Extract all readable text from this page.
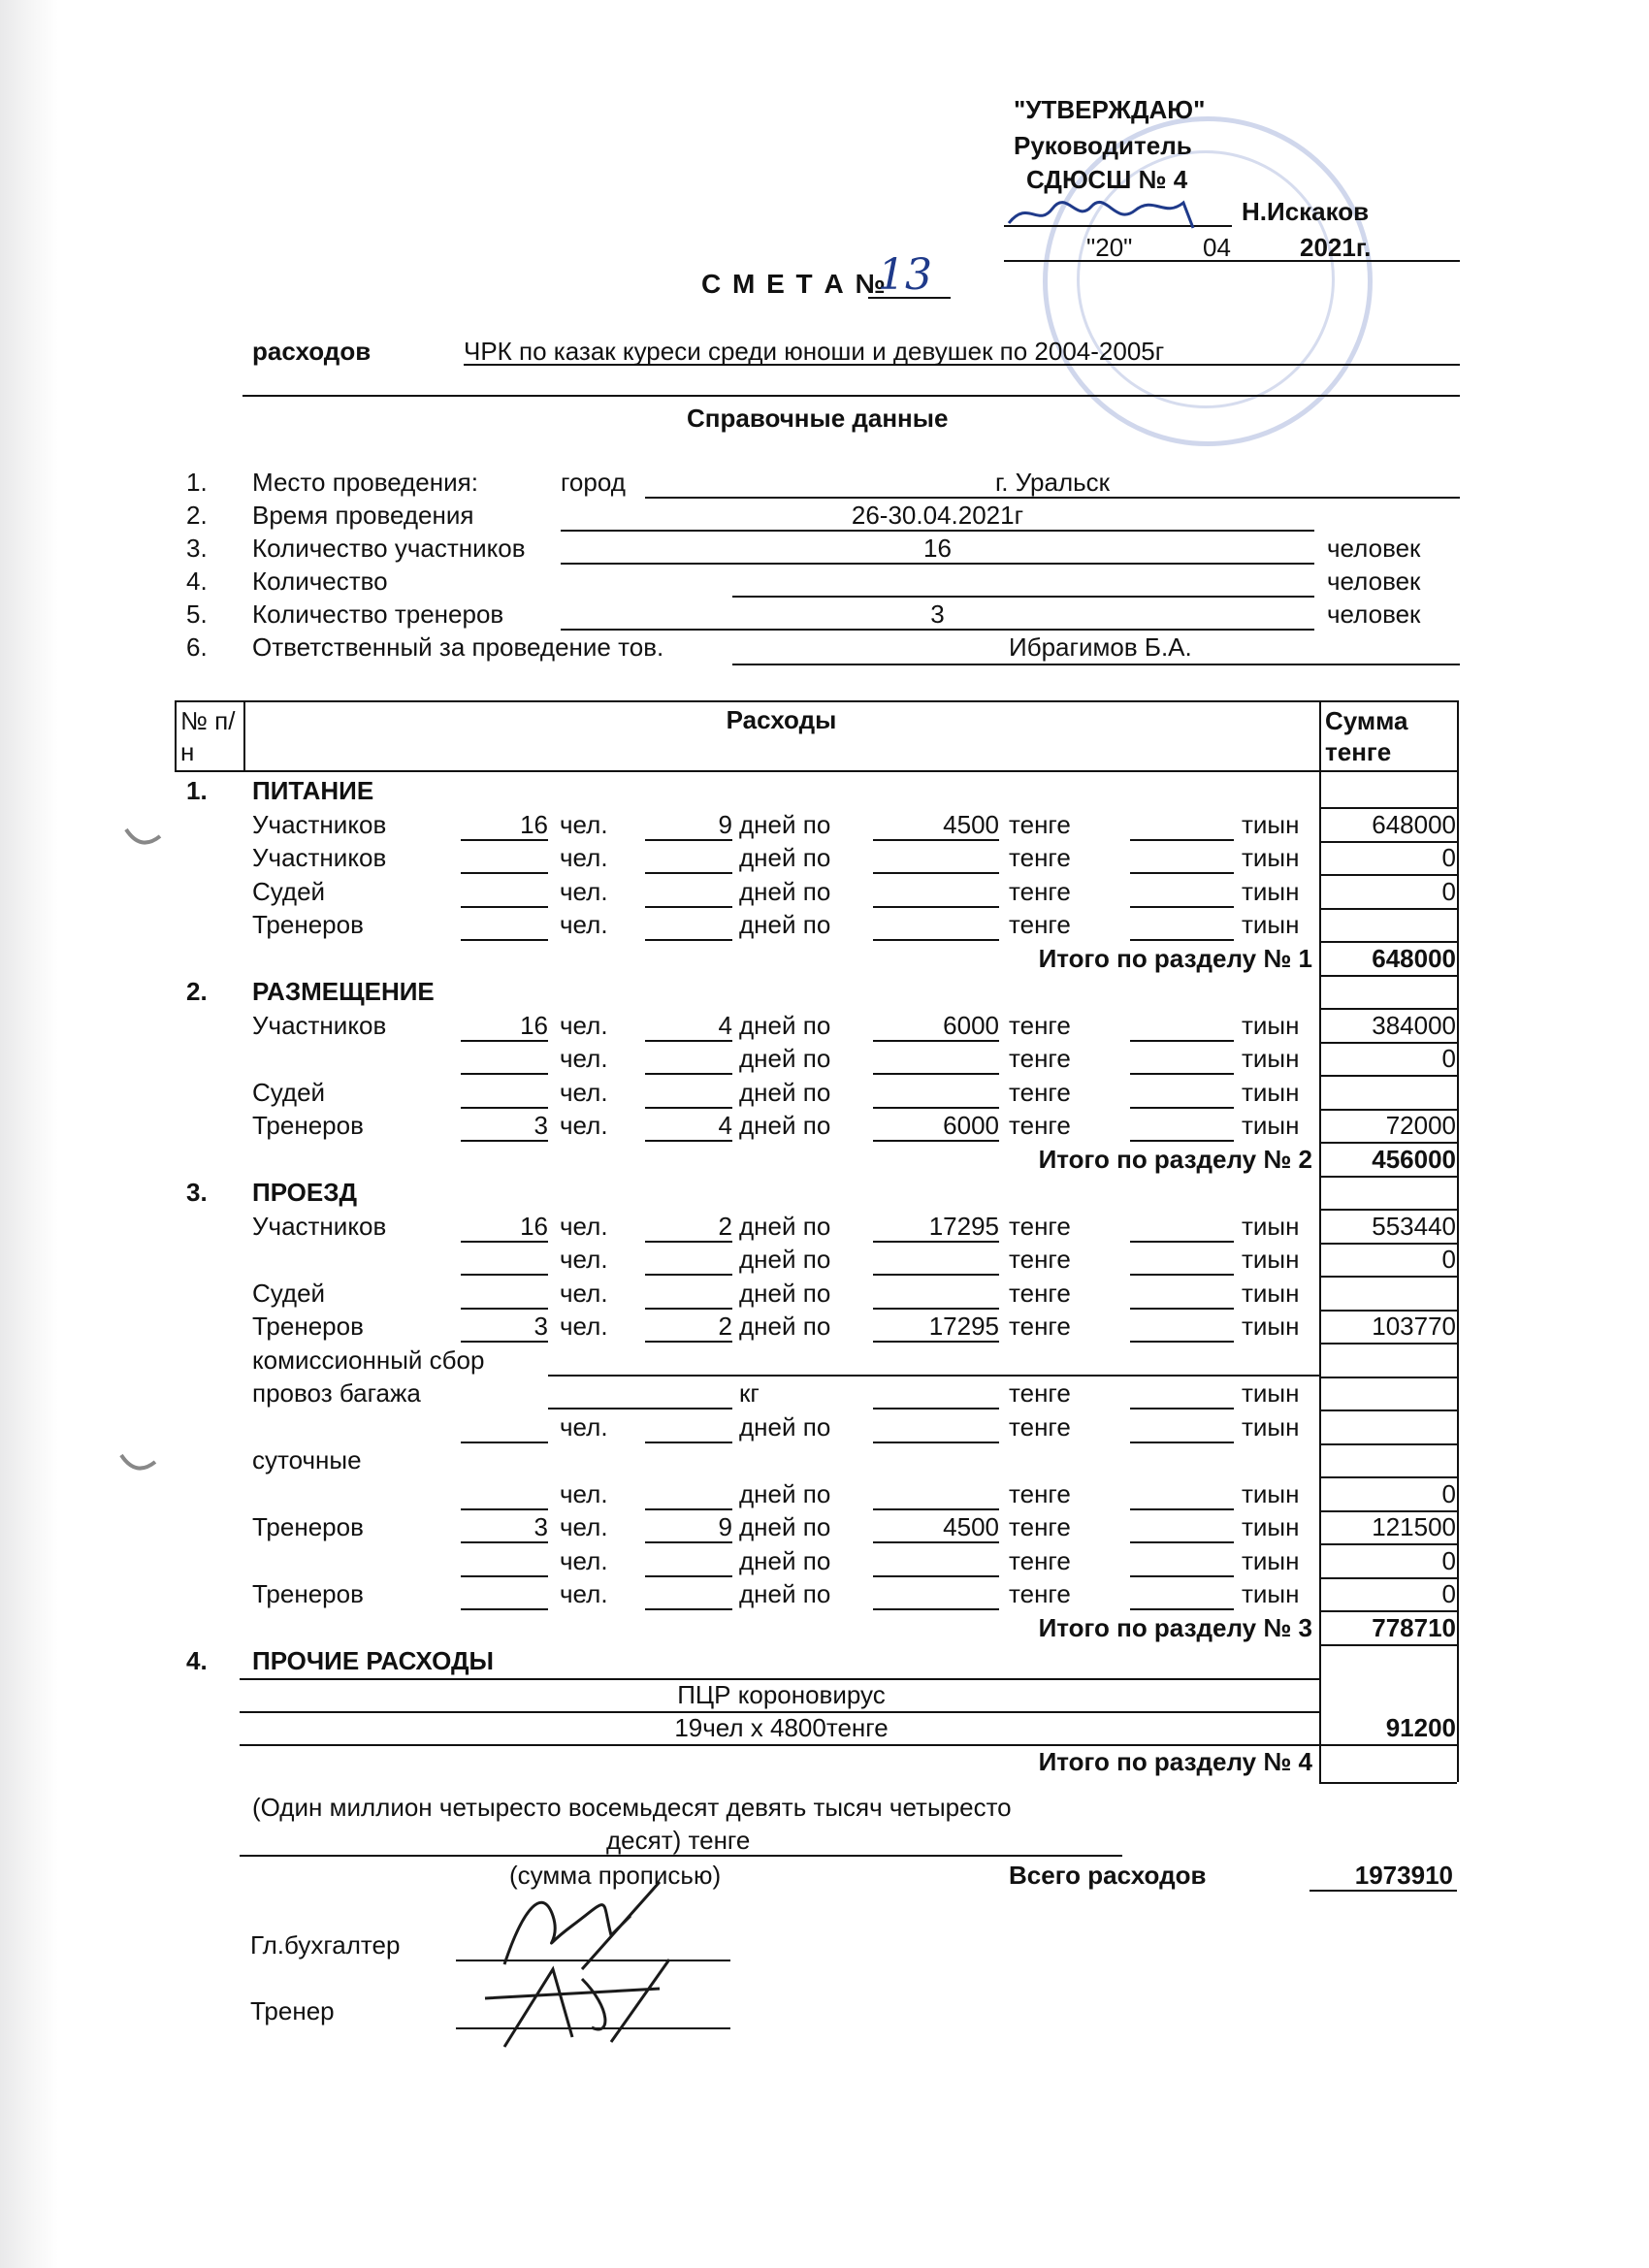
"УТВЕРЖДАЮ"
Руководитель
СДЮСШ № 4
Н.Искаков
"20"	04	2021г.
С М Е Т А №
13
расходов	ЧРК по казак куреси среди юноши и девушек по 2004-2005г
Справочные данные
(Один миллион четыресто восемьдесят девять тысяч четыресто
десят) тенге
(сумма прописью)	Всего расходов	1973910
Гл.бухгалтер
Тренер
1. Место проведения:	город	г. Уральск
2. Время проведения	26-30.04.2021г
3. Количество участников	16	человек
4. Количество	человек
5. Количество тренеров	3	человек
6. Ответственный за проведение тов.	Ибрагимов Б.А.
№ п/н
Расходы	Сумма тенге
1. ПИТАНИЕ
Участников	16 чел.	9 дней по	4500 тенге	тиын	648000
Участников	чел.	дней по	тенге	тиын	0
Судей	чел.	дней по	тенге	тиын	0
Тренеров	чел.	дней по	тенге	тиын
Итого по разделу № 1	648000
2. РАЗМЕЩЕНИЕ
Участников	16 чел.	4 дней по	6000 тенге	тиын	384000
чел.	дней по	тенге	тиын	0
Судей	чел.	дней по	тенге	тиын
Тренеров	3 чел.	4 дней по	6000 тенге	тиын	72000
Итого по разделу № 2	456000
3. ПРОЕЗД
Участников	16 чел.	2 дней по	17295 тенге	тиын	553440
чел.	дней по	тенге	тиын	0
Судей	чел.	дней по	тенге	тиын
Тренеров	3 чел.	2 дней по	17295 тенге	тиын	103770
комиссионный сбор
провоз багажа	кг	тенге	тиын
чел.	дней по	тенге	тиын
суточные
чел.	дней по	тенге	тиын	0
Тренеров	3 чел.	9 дней по	4500 тенге	тиын	121500
чел.	дней по	тенге	тиын	0
Тренеров	чел.	дней по	тенге	тиын	0
Итого по разделу № 3	778710
4. ПРОЧИЕ РАСХОДЫ
ПЦР короновирус
19чел х 4800тенге	91200
Итого по разделу № 4
